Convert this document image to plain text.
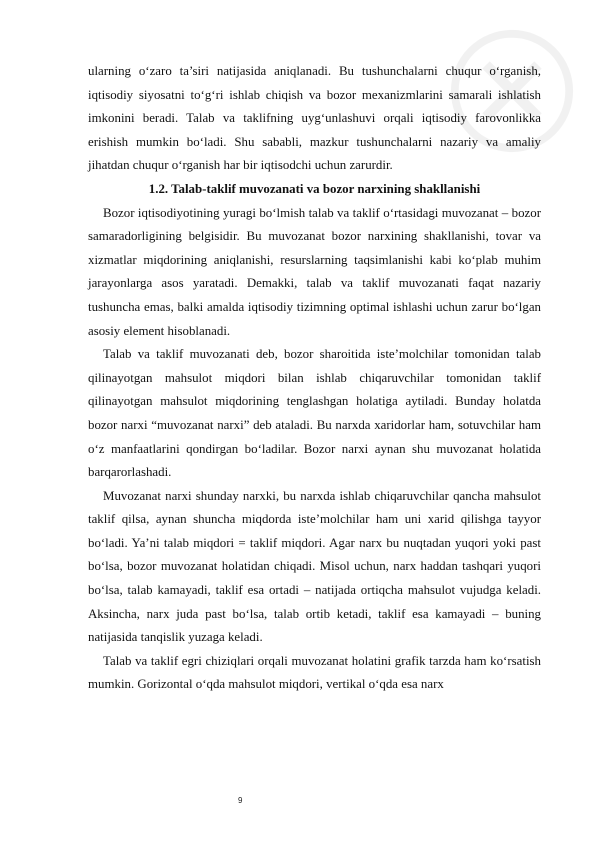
ularning o‘zaro ta’siri natijasida aniqlanadi. Bu tushunchalarni chuqur o‘rganish, iqtisodiy siyosatni to‘g‘ri ishlab chiqish va bozor mexanizmlarini samarali ishlatish imkonini beradi. Talab va taklifning uyg‘unlashuvi orqali iqtisodiy farovonlikka erishish mumkin bo‘ladi. Shu sababli, mazkur tushunchalarni nazariy va amaliy jihatdan chuqur o‘rganish har bir iqtisodchi uchun zarurdir.

1.2. Talab-taklif muvozanati va bozor narxining shakllanishi

Bozor iqtisodiyotining yuragi bo‘lmish talab va taklif o‘rtasidagi muvozanat – bozor samaradorligining belgisidir. Bu muvozanat bozor narxining shakllanishi, tovar va xizmatlar miqdorining aniqlanishi, resurslarning taqsimlanishi kabi ko‘plab muhim jarayonlarga asos yaratadi. Demakki, talab va taklif muvozanati faqat nazariy tushuncha emas, balki amalda iqtisodiy tizimning optimal ishlashi uchun zarur bo‘lgan asosiy element hisoblanadi.

Talab va taklif muvozanati deb, bozor sharoitida iste’molchilar tomonidan talab qilinayotgan mahsulot miqdori bilan ishlab chiqaruvchilar tomonidan taklif qilinayotgan mahsulot miqdorining tenglashgan holatiga aytiladi. Bunday holatda bozor narxi “muvozanat narxi” deb ataladi. Bu narxda xaridorlar ham, sotuvchilar ham o‘z manfaatlarini qondirgan bo‘ladilar. Bozor narxi aynan shu muvozanat holatida barqarorlashadi.

Muvozanat narxi shunday narxki, bu narxda ishlab chiqaruvchilar qancha mahsulot taklif qilsa, aynan shuncha miqdorda iste’molchilar ham uni xarid qilishga tayyor bo‘ladi. Ya’ni talab miqdori = taklif miqdori. Agar narx bu nuqtadan yuqori yoki past bo‘lsa, bozor muvozanat holatidan chiqadi. Misol uchun, narx haddan tashqari yuqori bo‘lsa, talab kamayadi, taklif esa ortadi – natijada ortiqcha mahsulot vujudga keladi. Aksincha, narx juda past bo‘lsa, talab ortib ketadi, taklif esa kamayadi – buning natijasida tanqislik yuzaga keladi.

Talab va taklif egri chiziqlari orqali muvozanat holatini grafik tarzda ham ko‘rsatish mumkin. Gorizontal o‘qda mahsulot miqdori, vertikal o‘qda esa narx

9
